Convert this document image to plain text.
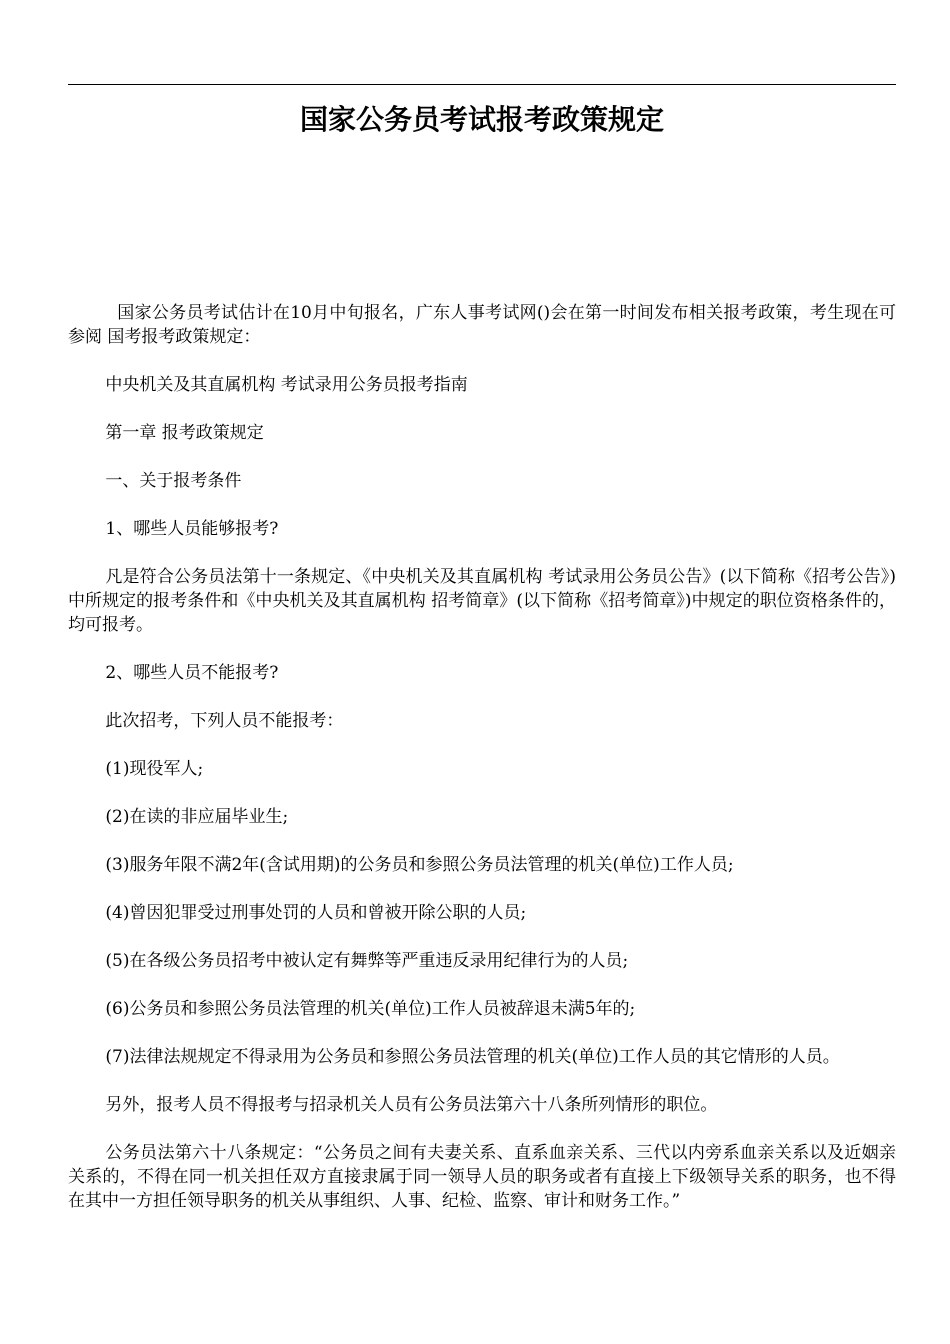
国家公务员考试报考政策规定

国家公务员考试估计在10月中旬报名，广东人事考试网()会在第一时间发布相关报考政策，考生现在可参阅 国考报考政策规定：

中央机关及其直属机构 考试录用公务员报考指南

第一章 报考政策规定

一、关于报考条件

1、哪些人员能够报考?

凡是符合公务员法第十一条规定、《中央机关及其直属机构 考试录用公务员公告》(以下简称《招考公告》)中所规定的报考条件和《中央机关及其直属机构 招考简章》(以下简称《招考简章》)中规定的职位资格条件的，均可报考。

2、哪些人员不能报考?

此次招考，下列人员不能报考：

(1)现役军人;

(2)在读的非应届毕业生;

(3)服务年限不满2年(含试用期)的公务员和参照公务员法管理的机关(单位)工作人员;

(4)曾因犯罪受过刑事处罚的人员和曾被开除公职的人员;

(5)在各级公务员招考中被认定有舞弊等严重违反录用纪律行为的人员;

(6)公务员和参照公务员法管理的机关(单位)工作人员被辞退未满5年的;

(7)法律法规规定不得录用为公务员和参照公务员法管理的机关(单位)工作人员的其它情形的人员。

另外，报考人员不得报考与招录机关人员有公务员法第六十八条所列情形的职位。

公务员法第六十八条规定：“公务员之间有夫妻关系、直系血亲关系、三代以内旁系血亲关系以及近姻亲关系的，不得在同一机关担任双方直接隶属于同一领导人员的职务或者有直接上下级领导关系的职务，也不得在其中一方担任领导职务的机关从事组织、人事、纪检、监察、审计和财务工作。”
